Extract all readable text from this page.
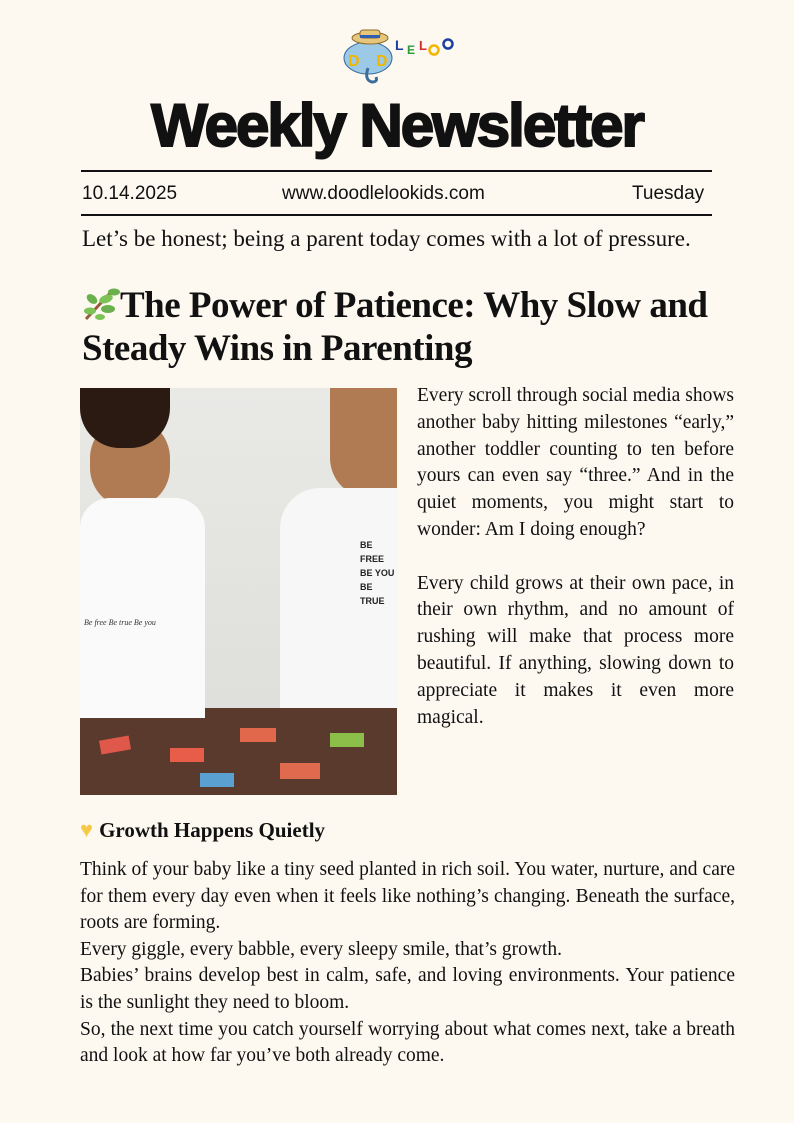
D D
L E L
Weekly Newsletter
10.14.2025	www.doodlelookids.com	Tuesday
Let’s be honest; being a parent today comes with a lot of pressure.
The Power of Patience: Why Slow and Steady Wins in Parenting
Be free Be true Be you
BE FREE BE YOU BE TRUE

Every scroll through social media shows another baby hitting milestones “early,” another toddler counting to ten before yours can even say “three.” And in the quiet moments, you might start to wonder: Am I doing enough?

Every child grows at their own pace, in their own rhythm, and no amount of rushing will make that process more beautiful. If anything, slowing down to appreciate it makes it even more magical.

♥ Growth Happens Quietly

Think of your baby like a tiny seed planted in rich soil. You water, nurture, and care for them every day even when it feels like nothing’s changing. Beneath the surface, roots are forming.

Every giggle, every babble, every sleepy smile, that’s growth.

Babies’ brains develop best in calm, safe, and loving environments. Your patience is the sunlight they need to bloom.

So, the next time you catch yourself worrying about what comes next, take a breath and look at how far you’ve both already come.
